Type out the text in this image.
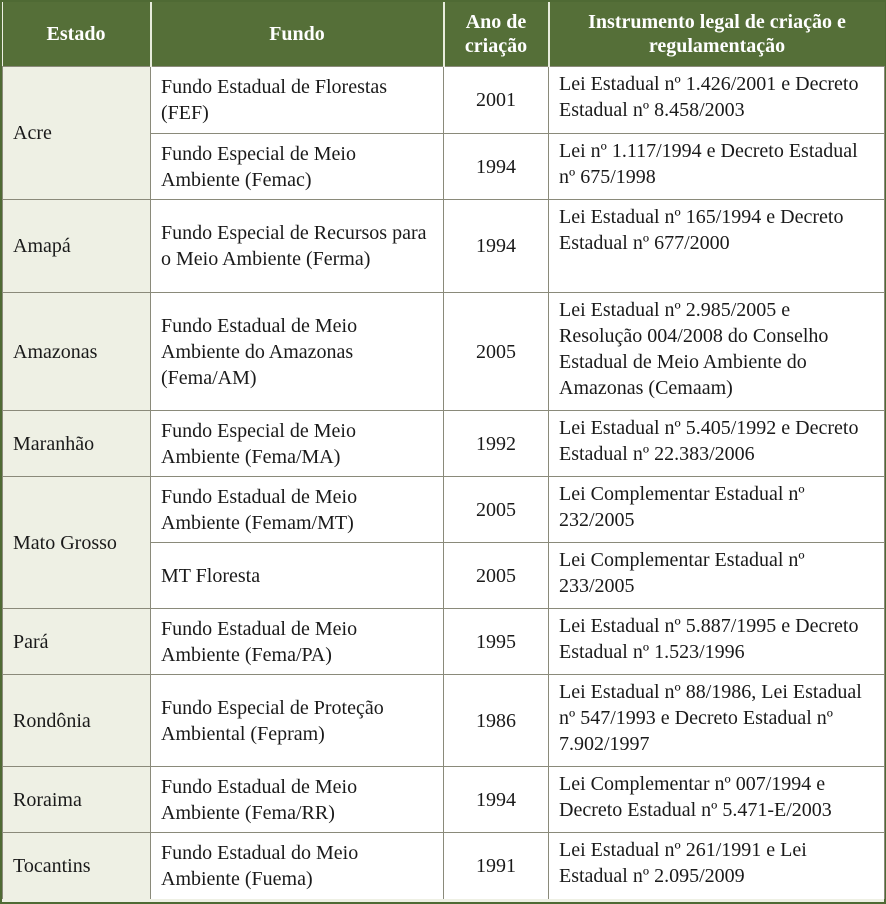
Estado	Fundo	Ano de criação	Instrumento legal de criação e regulamentação
Acre	Fundo Estadual de Florestas (FEF)	2001	Lei Estadual nº 1.426/2001 e Decreto Estadual nº 8.458/2003
	Fundo Especial de Meio Ambiente (Femac)	1994	Lei nº 1.117/1994 e Decreto Estadual nº 675/1998
Amapá	Fundo Especial de Recursos para o Meio Ambiente (Ferma)	1994	Lei Estadual nº 165/1994 e Decreto Estadual nº 677/2000
Amazonas	Fundo Estadual de Meio Ambiente do Amazonas (Fema/AM)	2005	Lei Estadual nº 2.985/2005 e Resolução 004/2008 do Conselho Estadual de Meio Ambiente do Amazonas (Cemaam)
Maranhão	Fundo Especial de Meio Ambiente (Fema/MA)	1992	Lei Estadual nº 5.405/1992 e Decreto Estadual nº 22.383/2006
Mato Grosso	Fundo Estadual de Meio Ambiente (Femam/MT)	2005	Lei Complementar Estadual nº 232/2005
	MT Floresta	2005	Lei Complementar Estadual nº 233/2005
Pará	Fundo Estadual de Meio Ambiente (Fema/PA)	1995	Lei Estadual nº 5.887/1995 e Decreto Estadual nº 1.523/1996
Rondônia	Fundo Especial de Proteção Ambiental (Fepram)	1986	Lei Estadual nº 88/1986, Lei Estadual nº 547/1993 e Decreto Estadual nº 7.902/1997
Roraima	Fundo Estadual de Meio Ambiente (Fema/RR)	1994	Lei Complementar nº 007/1994 e Decreto Estadual nº 5.471-E/2003
Tocantins	Fundo Estadual do Meio Ambiente (Fuema)	1991	Lei Estadual nº 261/1991 e Lei Estadual nº 2.095/2009
